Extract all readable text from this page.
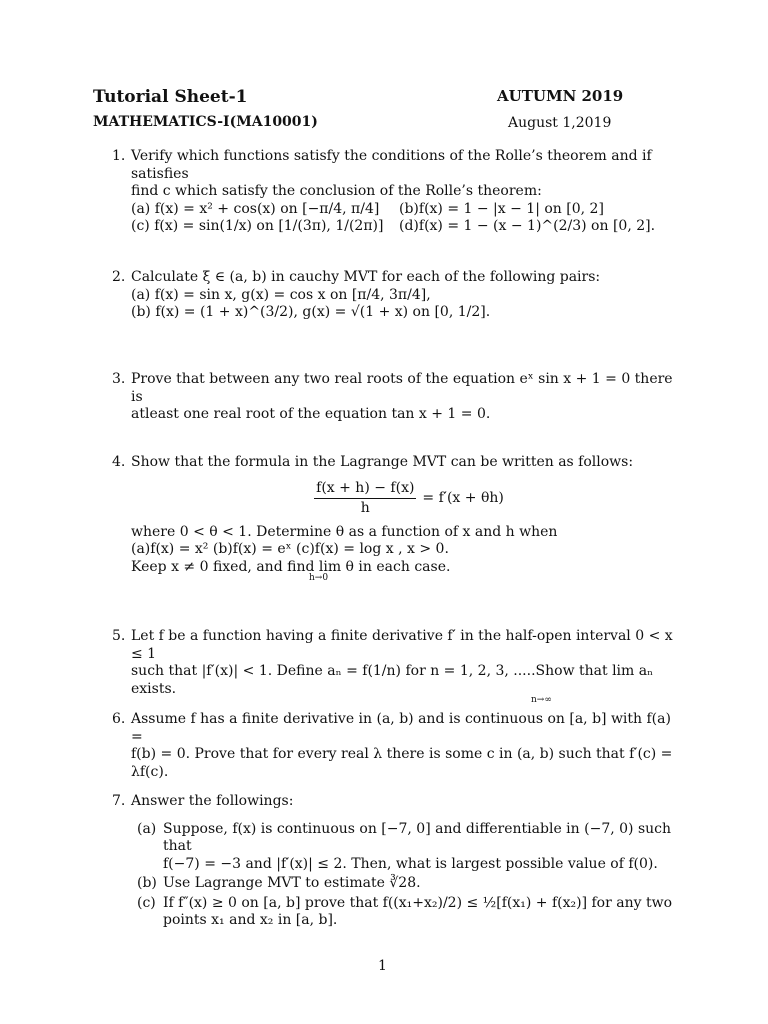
Tutorial Sheet-1	AUTUMN 2019
MATHEMATICS-I(MA10001)	August 1,2019
1. Verify which functions satisfy the conditions of the Rolle’s theorem and if satisfies
find c which satisfy the conclusion of the Rolle’s theorem:
(a) f(x) = x² + cos(x) on [−π/4, π/4] (b)f(x) = 1 − |x − 1| on [0, 2]
(c) f(x) = sin(1/x) on [1/(3π), 1/(2π)] (d)f(x) = 1 − (x − 1)^(2/3) on [0, 2].
2. Calculate ξ ∈ (a, b) in cauchy MVT for each of the following pairs:
(a) f(x) = sin x, g(x) = cos x on [π/4, 3π/4],
(b) f(x) = (1 + x)^(3/2), g(x) = √(1 + x) on [0, 1/2].
3. Prove that between any two real roots of the equation eˣ sin x + 1 = 0 there is
atleast one real root of the equation tan x + 1 = 0.
4. Show that the formula in the Lagrange MVT can be written as follows:
$\frac{f(x + h) - f(x)}{h} = f'(x + \theta h)$
where 0 < θ < 1. Determine θ as a function of x and h when
(a)f(x) = x² (b)f(x) = eˣ (c)f(x) = log x , x > 0.
Keep x ≠ 0 fixed, and find lim θ in each case.
h→0
5. Let f be a function having a finite derivative f′ in the half-open interval 0 < x ≤ 1
such that |f′(x)| < 1. Define aₙ = f(1/n) for n = 1, 2, 3, .....Show that lim aₙ exists.
n→∞
6. Assume f has a finite derivative in (a, b) and is continuous on [a, b] with f(a) =
f(b) = 0. Prove that for every real λ there is some c in (a, b) such that f′(c) = λf(c).
7. Answer the followings:
(a) Suppose, f(x) is continuous on [−7, 0] and differentiable in (−7, 0) such that
f(−7) = −3 and |f′(x)| ≤ 2. Then, what is largest possible value of f(0).
(b) Use Lagrange MVT to estimate ∛28.
(c) If f″(x) ≥ 0 on [a, b] prove that f((x₁+x₂)/2) ≤ ½[f(x₁) + f(x₂)] for any two
points x₁ and x₂ in [a, b].
1
